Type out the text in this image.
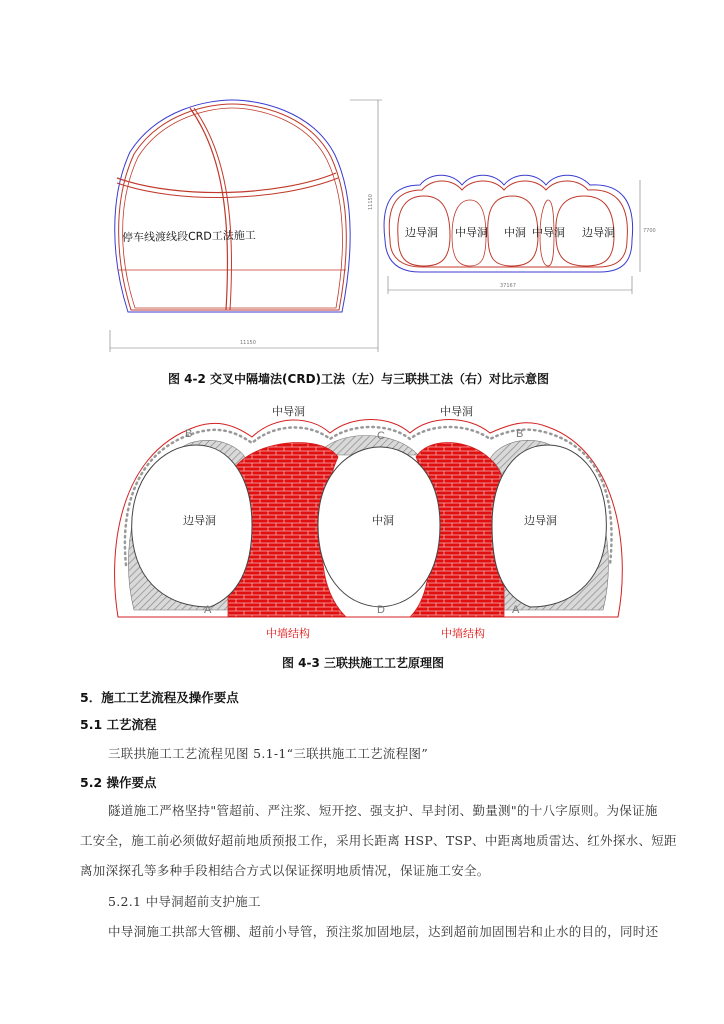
11150
11150
37167
7700
停车线渡线段CRD工法施工	边导洞 中导洞 中洞 中导洞 边导洞
图 4-2 交叉中隔墙法(CRD)工法（左）与三联拱工法（右）对比示意图
B	C	B
A	D	A
中导洞	中导洞
边导洞	中洞	边导洞
中墙结构	中墙结构
图 4-3 三联拱施工工艺原理图
5．施工工艺流程及操作要点
5.1 工艺流程
三联拱施工工艺流程见图 5.1-1“三联拱施工工艺流程图”
5.2 操作要点
隧道施工严格坚持"管超前、严注浆、短开挖、强支护、早封闭、勤量测"的十八字原则。为保证施
工安全，施工前必须做好超前地质预报工作，采用长距离 HSP、TSP、中距离地质雷达、红外探水、短距
离加深探孔等多种手段相结合方式以保证探明地质情况，保证施工安全。
5.2.1 中导洞超前支护施工
中导洞施工拱部大管棚、超前小导管，预注浆加固地层，达到超前加固围岩和止水的目的，同时还
